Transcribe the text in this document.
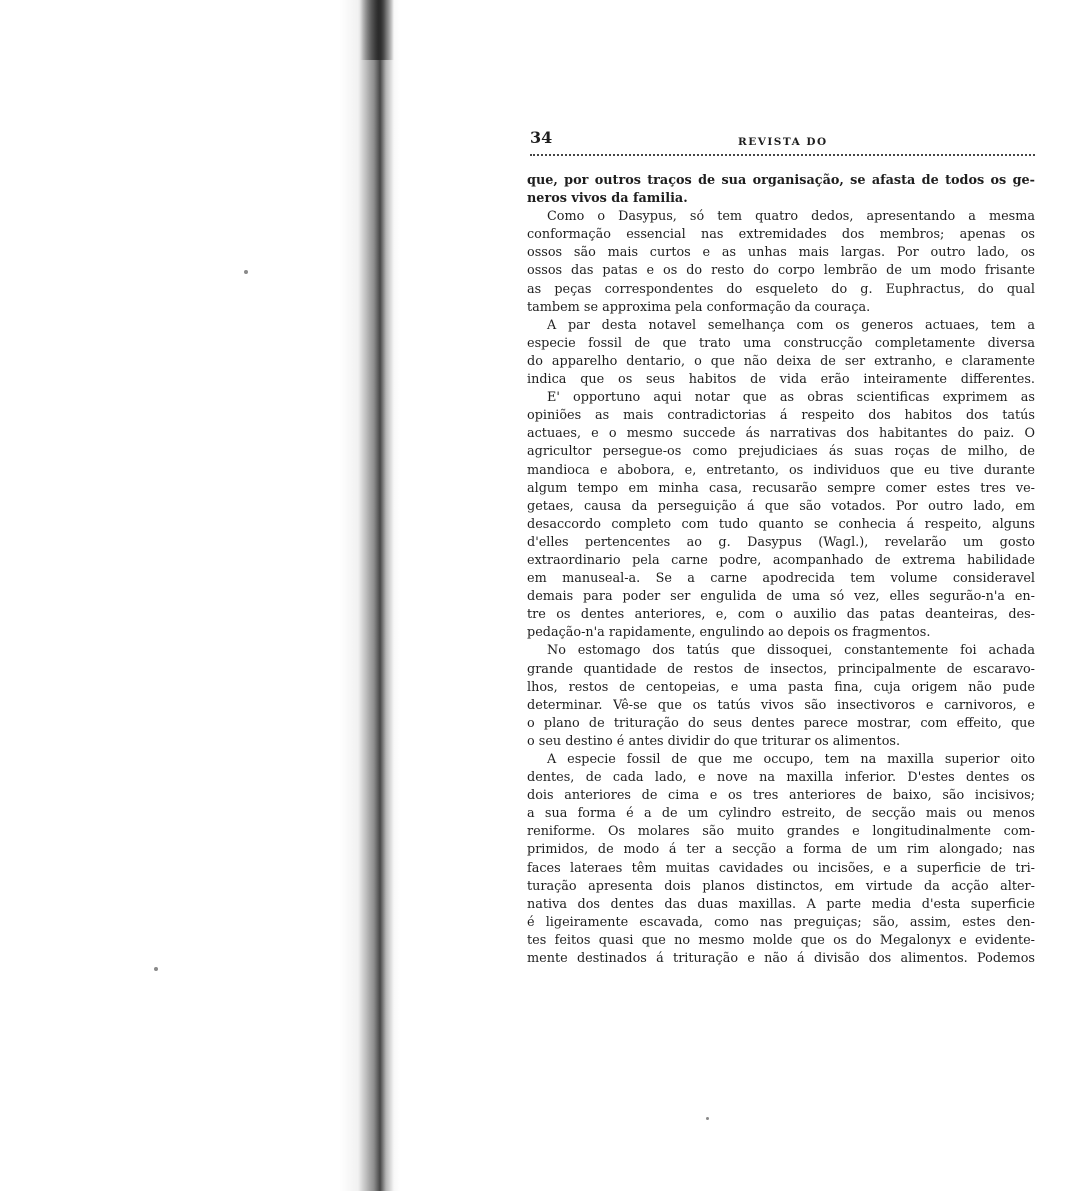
34	REVISTA DO
que, por outros traços de sua organisação, se afasta de todos os ge-
neros vivos da familia.
Como o Dasypus, só tem quatro dedos, apresentando a mesma
conformação essencial nas extremidades dos membros; apenas os
ossos são mais curtos e as unhas mais largas. Por outro lado, os
ossos das patas e os do resto do corpo lembrão de um modo frisante
as peças correspondentes do esqueleto do g. Euphractus, do qual
tambem se approxima pela conformação da couraça.
A par desta notavel semelhança com os generos actuaes, tem a
especie fossil de que trato uma construcção completamente diversa
do apparelho dentario, o que não deixa de ser extranho, e claramente
indica que os seus habitos de vida erão inteiramente differentes.
E' opportuno aqui notar que as obras scientificas exprimem as
opiniões as mais contradictorias á respeito dos habitos dos tatús
actuaes, e o mesmo succede ás narrativas dos habitantes do paiz. O
agricultor persegue-os como prejudiciaes ás suas roças de milho, de
mandioca e abobora, e, entretanto, os individuos que eu tive durante
algum tempo em minha casa, recusarão sempre comer estes tres ve-
getaes, causa da perseguição á que são votados. Por outro lado, em
desaccordo completo com tudo quanto se conhecia á respeito, alguns
d'elles pertencentes ao g. Dasypus (Wagl.), revelarão um gosto
extraordinario pela carne podre, acompanhado de extrema habilidade
em manuseal-a. Se a carne apodrecida tem volume consideravel
demais para poder ser engulida de uma só vez, elles segurão-n'a en-
tre os dentes anteriores, e, com o auxilio das patas deanteiras, des-
pedação-n'a rapidamente, engulindo ao depois os fragmentos.
No estomago dos tatús que dissoquei, constantemente foi achada
grande quantidade de restos de insectos, principalmente de escaravo-
lhos, restos de centopeias, e uma pasta fina, cuja origem não pude
determinar. Vê-se que os tatús vivos são insectivoros e carnivoros, e
o plano de trituração do seus dentes parece mostrar, com effeito, que
o seu destino é antes dividir do que triturar os alimentos.
A especie fossil de que me occupo, tem na maxilla superior oito
dentes, de cada lado, e nove na maxilla inferior. D'estes dentes os
dois anteriores de cima e os tres anteriores de baixo, são incisivos;
a sua forma é a de um cylindro estreito, de secção mais ou menos
reniforme. Os molares são muito grandes e longitudinalmente com-
primidos, de modo á ter a secção a forma de um rim alongado; nas
faces lateraes têm muitas cavidades ou incisões, e a superficie de tri-
turação apresenta dois planos distinctos, em virtude da acção alter-
nativa dos dentes das duas maxillas. A parte media d'esta superficie
é ligeiramente escavada, como nas preguiças; são, assim, estes den-
tes feitos quasi que no mesmo molde que os do Megalonyx e evidente-
mente destinados á trituração e não á divisão dos alimentos. Podemos
